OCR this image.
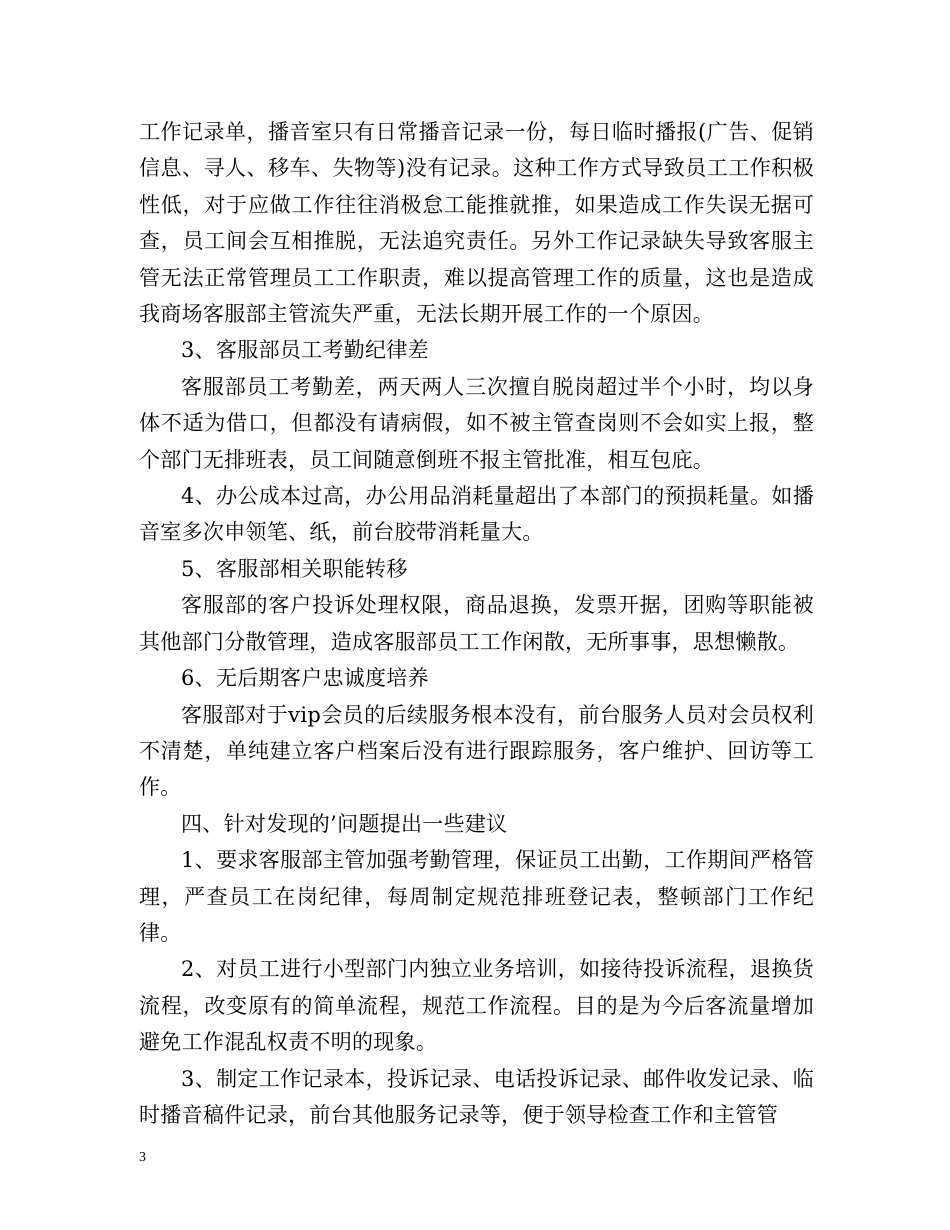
工作记录单，播音室只有日常播音记录一份，每日临时播报(广告、促销信息、寻人、移车、失物等)没有记录。这种工作方式导致员工工作积极性低，对于应做工作往往消极怠工能推就推，如果造成工作失误无据可查，员工间会互相推脱，无法追究责任。另外工作记录缺失导致客服主管无法正常管理员工工作职责，难以提高管理工作的质量，这也是造成我商场客服部主管流失严重，无法长期开展工作的一个原因。

3、客服部员工考勤纪律差

客服部员工考勤差，两天两人三次擅自脱岗超过半个小时，均以身体不适为借口，但都没有请病假，如不被主管查岗则不会如实上报，整个部门无排班表，员工间随意倒班不报主管批准，相互包庇。

4、办公成本过高，办公用品消耗量超出了本部门的预损耗量。如播音室多次申领笔、纸，前台胶带消耗量大。

5、客服部相关职能转移

客服部的客户投诉处理权限，商品退换，发票开据，团购等职能被其他部门分散管理，造成客服部员工工作闲散，无所事事，思想懒散。

6、无后期客户忠诚度培养

客服部对于vip会员的后续服务根本没有，前台服务人员对会员权利不清楚，单纯建立客户档案后没有进行跟踪服务，客户维护、回访等工作。

四、针对发现的’问题提出一些建议

1、要求客服部主管加强考勤管理，保证员工出勤，工作期间严格管理，严查员工在岗纪律，每周制定规范排班登记表，整顿部门工作纪律。

2、对员工进行小型部门内独立业务培训，如接待投诉流程，退换货流程，改变原有的简单流程，规范工作流程。目的是为今后客流量增加避免工作混乱权责不明的现象。

3、制定工作记录本，投诉记录、电话投诉记录、邮件收发记录、临时播音稿件记录，前台其他服务记录等，便于领导检查工作和主管管

3
